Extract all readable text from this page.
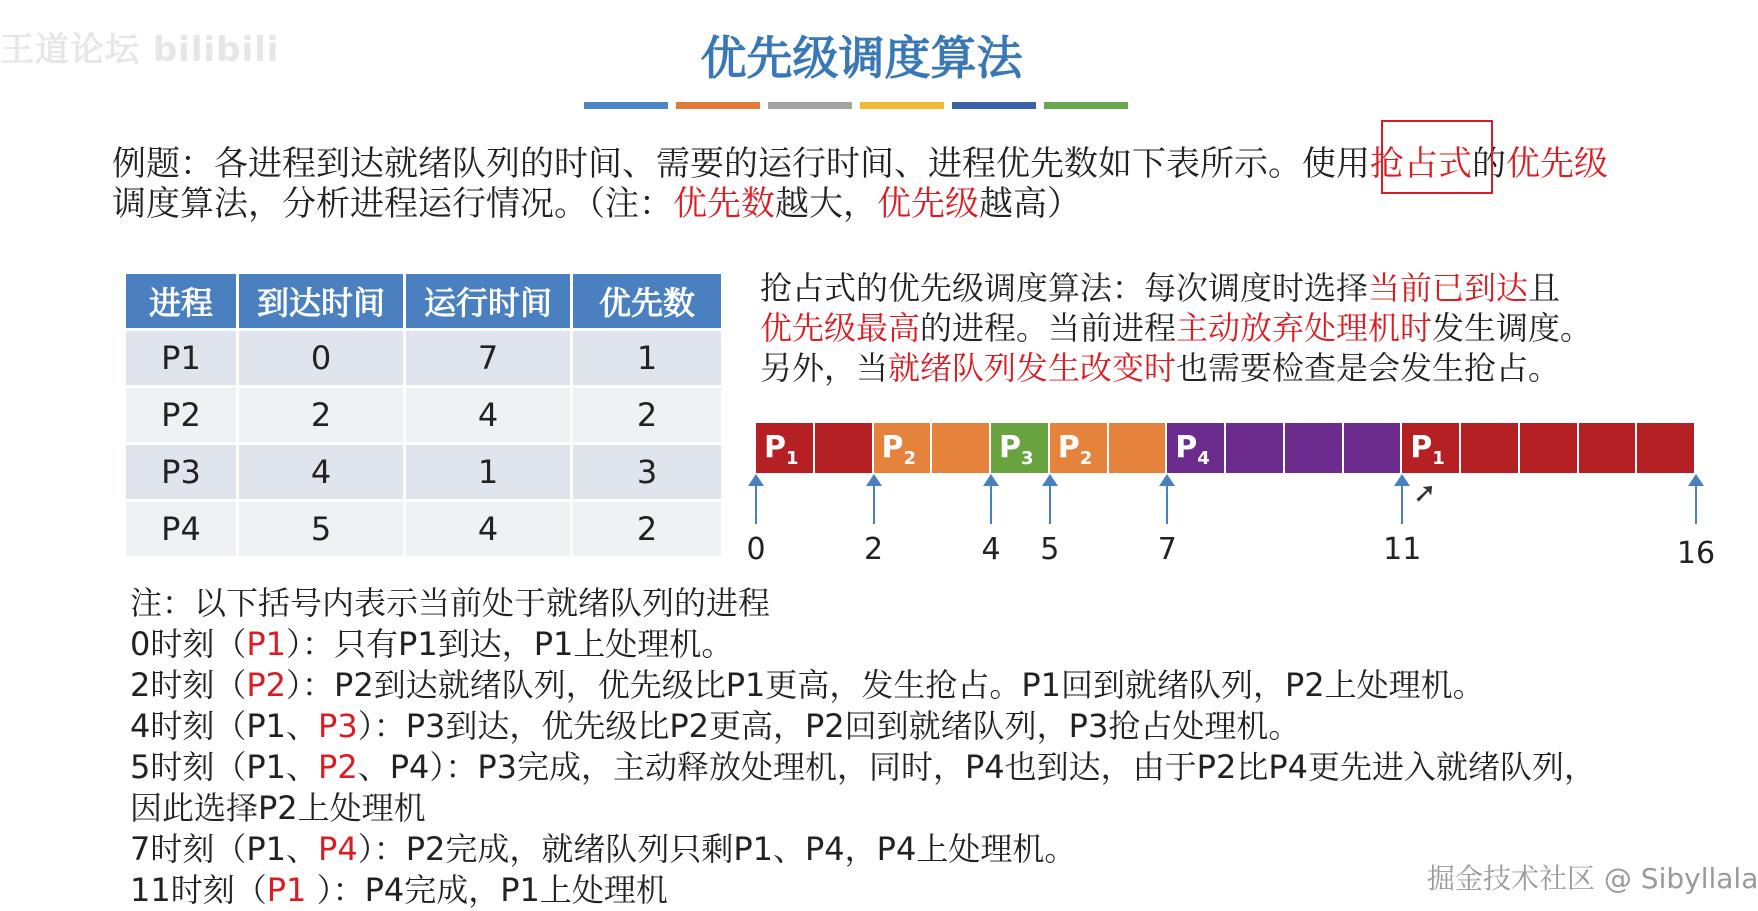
王道论坛 bilibili	优先级调度算法
例题：各进程到达就绪队列的时间、需要的运行时间、进程优先数如下表所示。使用抢占式的优先级
调度算法，分析进程运行情况。（注：优先数越大，优先级越高）
进程	到达时间	运行时间	优先数
P1	0	7	1
P2	2	4	2
P3	4	1	3
P4	5	4	2
抢占式的优先级调度算法：每次调度时选择当前已到达且
优先级最高的进程。当前进程主动放弃处理机时发生调度。
另外，当就绪队列发生改变时也需要检查是会发生抢占。
$P_1$	$P_2$	$P_3$ $P_2$	$P_4$	$P_1$
0	2	4	5	7	11	16
➚
注：以下括号内表示当前处于就绪队列的进程
0时刻（P1）：只有P1到达，P1上处理机。
2时刻（P2）：P2到达就绪队列，优先级比P1更高，发生抢占。P1回到就绪队列，P2上处理机。
4时刻（P1、P3）：P3到达，优先级比P2更高，P2回到就绪队列，P3抢占处理机。
5时刻（P1、P2、P4）：P3完成，主动释放处理机，同时，P4也到达，由于P2比P4更先进入就绪队列，
因此选择P2上处理机
7时刻（P1、P4）：P2完成，就绪队列只剩P1、P4，P4上处理机。
11时刻（P1 ）：P4完成，P1上处理机	掘金技术社区 @ Sibyllala
